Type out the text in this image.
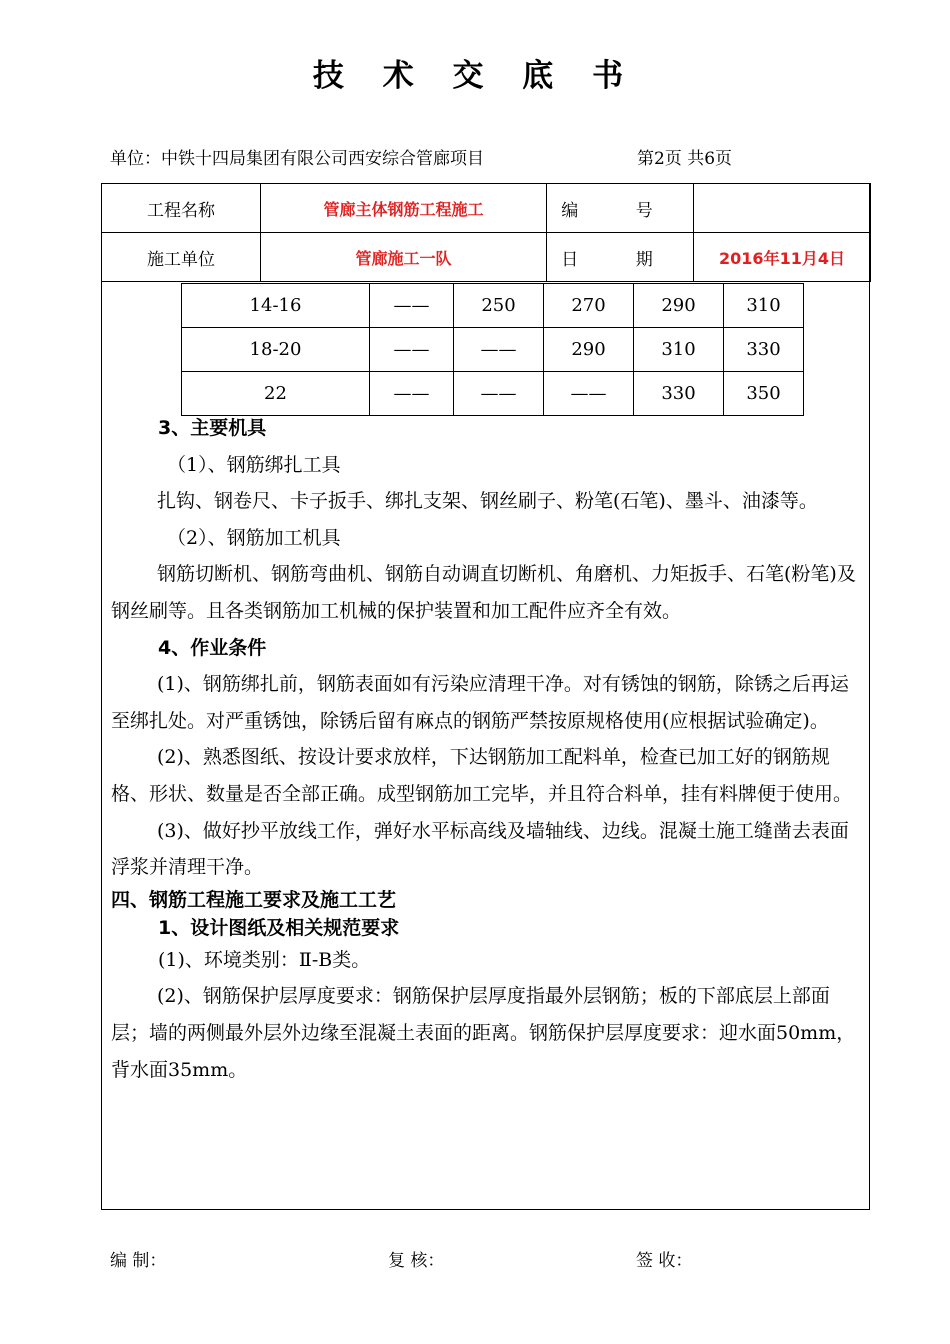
技 术 交 底 书
单位：中铁十四局集团有限公司西安综合管廊项目	第2页 共6页
工程名称	管廊主体钢筋工程施工	编 号	
施工单位	管廊施工一队	日 期	2016年11月4日
14-16	——	250	270	290	310
18-20	——	——	290	310	330
22	——	——	——	330	350

3、主要机具

（1）、钢筋绑扎工具

扎钩、钢卷尺、卡子扳手、绑扎支架、钢丝刷子、粉笔(石笔)、墨斗、油漆等。

（2）、钢筋加工机具

钢筋切断机、钢筋弯曲机、钢筋自动调直切断机、角磨机、力矩扳手、石笔(粉笔)及钢丝刷等。且各类钢筋加工机械的保护装置和加工配件应齐全有效。

4、作业条件

(1)、钢筋绑扎前，钢筋表面如有污染应清理干净。对有锈蚀的钢筋，除锈之后再运至绑扎处。对严重锈蚀，除锈后留有麻点的钢筋严禁按原规格使用(应根据试验确定)。

(2)、熟悉图纸、按设计要求放样，下达钢筋加工配料单，检查已加工好的钢筋规格、形状、数量是否全部正确。成型钢筋加工完毕，并且符合料单，挂有料牌便于使用。

(3)、做好抄平放线工作，弹好水平标高线及墙轴线、边线。混凝土施工缝凿去表面浮浆并清理干净。

四、钢筋工程施工要求及施工工艺

1、设计图纸及相关规范要求

(1)、环境类别：Ⅱ-B类。

(2)、钢筋保护层厚度要求：钢筋保护层厚度指最外层钢筋；板的下部底层上部面层；墙的两侧最外层外边缘至混凝土表面的距离。钢筋保护层厚度要求：迎水面50mm，背水面35mm。

编 制：	复 核：	签 收：
